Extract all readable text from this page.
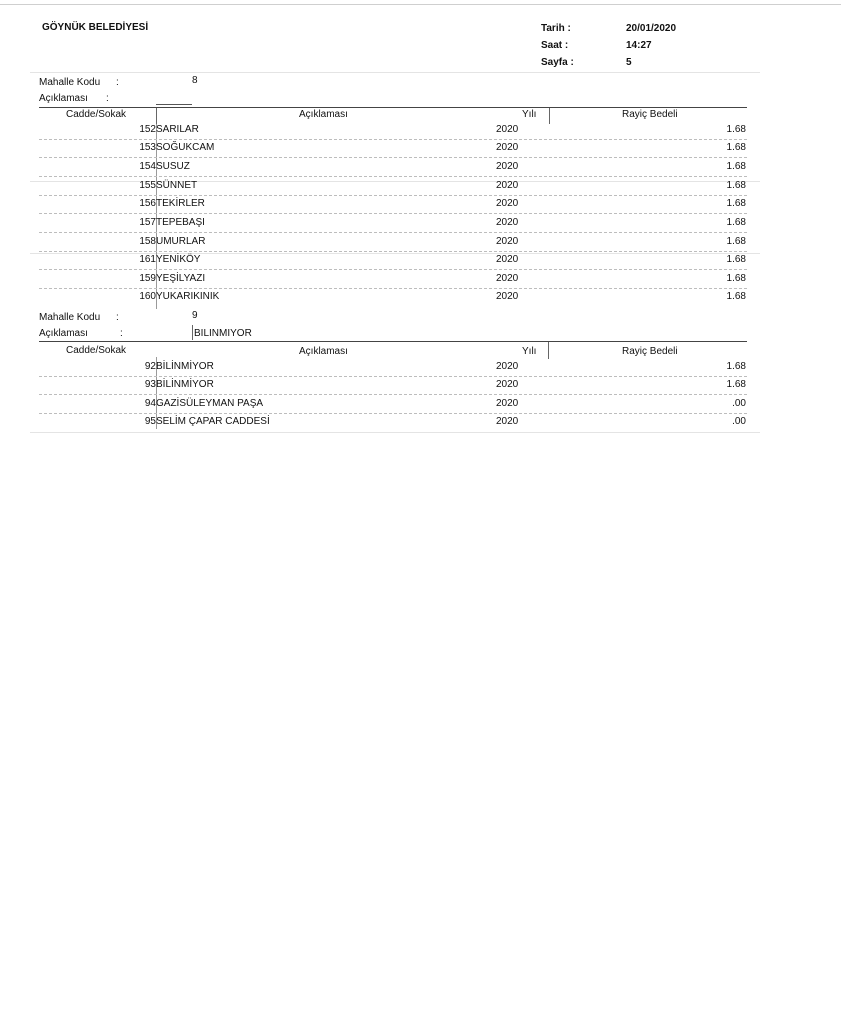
GÖYNÜK BELEDİYESİ	Tarih :	20/01/2020
Saat :	14:27
Sayfa :	5
Mahalle Kodu :	8
Açıklaması :
Cadde/Sokak	Açıklaması	Yılı	Rayiç Bedeli
152 SARILAR	2020	1.68
153 SOĞUKCAM	2020	1.68
154 SUSUZ	2020	1.68
155 SÜNNET	2020	1.68
156 TEKİRLER	2020	1.68
157 TEPEBAŞI	2020	1.68
158 UMURLAR	2020	1.68
161 YENİKÖY	2020	1.68
159 YEŞİLYAZI	2020	1.68
160 YUKARIKINIK	2020	1.68
Mahalle Kodu :	9
Açıklaması	:	BILINMIYOR
Cadde/Sokak	Açıklaması	Yılı	Rayiç Bedeli
92 BİLİNMİYOR	2020	1.68
93 BİLİNMİYOR	2020	1.68
94 GAZİSÜLEYMAN PAŞA	2020	.00
95 SELİM ÇAPAR CADDESİ	2020	.00
